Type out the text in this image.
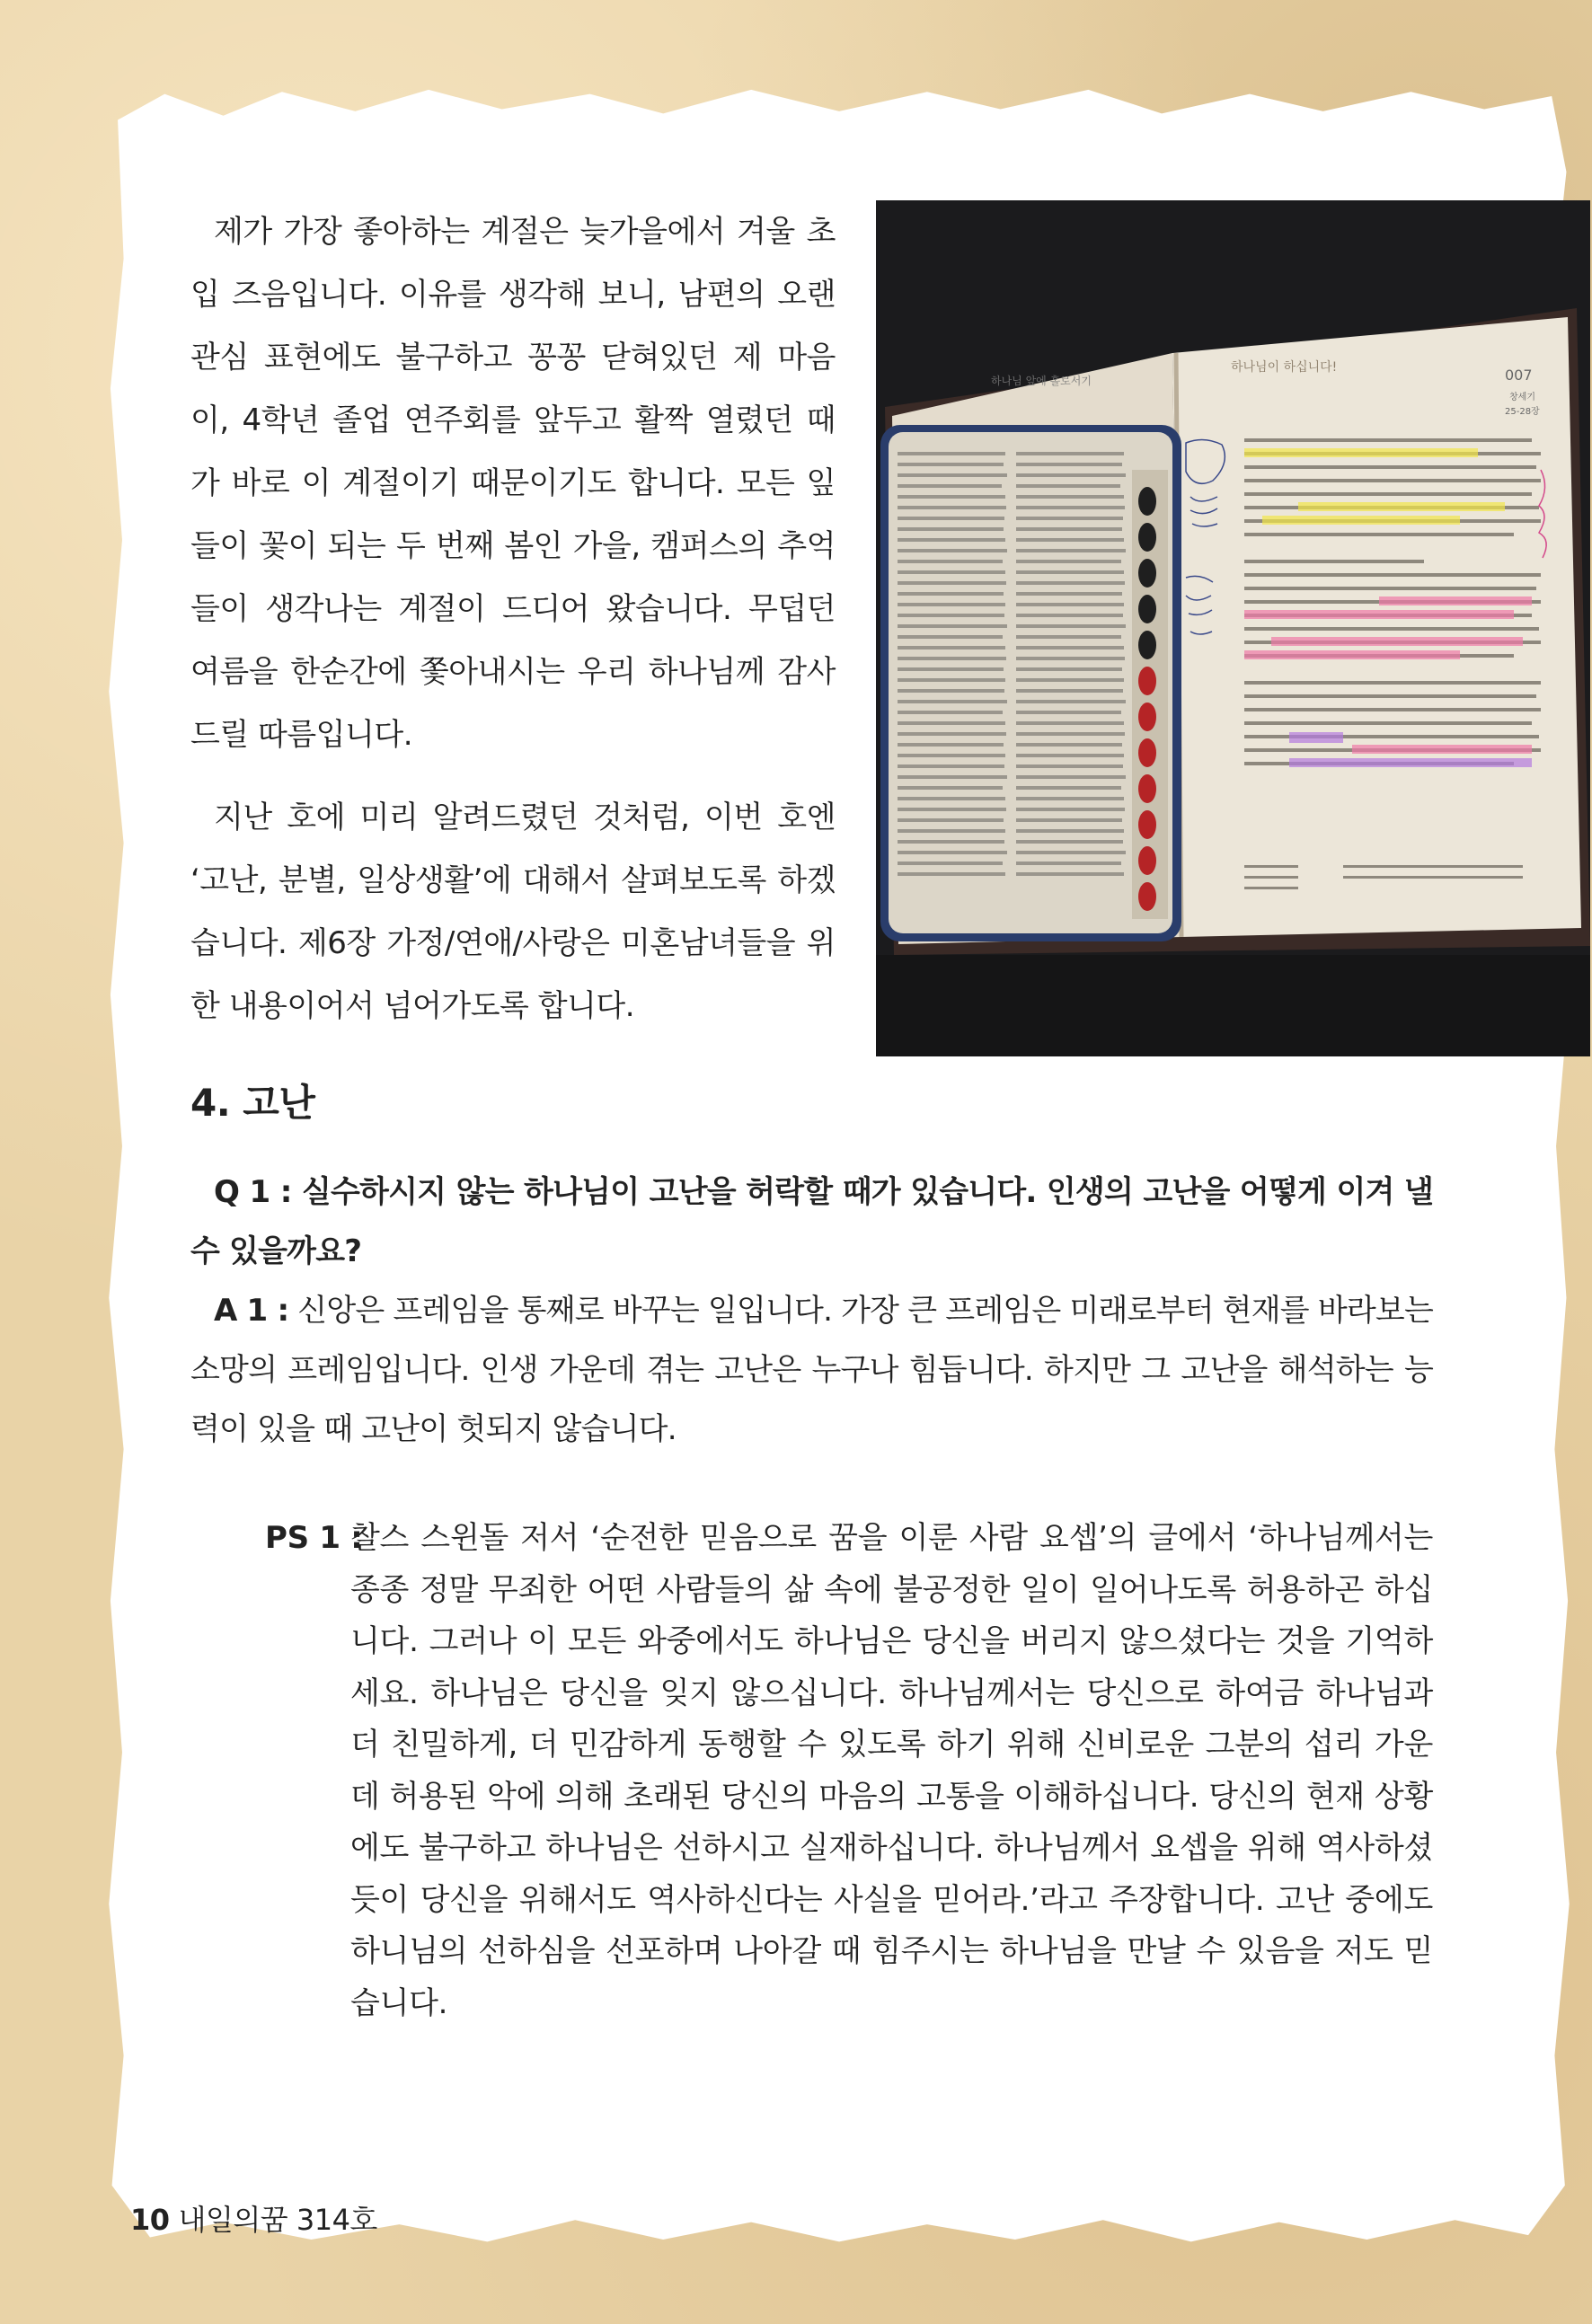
제가 가장 좋아하는 계절은 늦가을에서 겨울 초입 즈음입니다. 이유를 생각해 보니, 남편의 오랜 관심 표현에도 불구하고 꽁꽁 닫혀있던 제 마음이, 4학년 졸업 연주회를 앞두고 활짝 열렸던 때가 바로 이 계절이기 때문이기도 합니다. 모든 잎들이 꽃이 되는 두 번째 봄인 가을, 캠퍼스의 추억들이 생각나는 계절이 드디어 왔습니다. 무덥던 여름을 한순간에 쫓아내시는 우리 하나님께 감사드릴 따름입니다.

지난 호에 미리 알려드렸던 것처럼, 이번 호엔 ‘고난, 분별, 일상생활’에 대해서 살펴보도록 하겠습니다. 제6장 가정/연애/사랑은 미혼남녀들을 위한 내용이어서 넘어가도록 합니다.

하나님 앞에 홀로서기
하나님이 하십니다!	007
창세기
25-28장
4. 고난

Q 1 : 실수하시지 않는 하나님이 고난을 허락할 때가 있습니다. 인생의 고난을 어떻게 이겨 낼 수 있을까요?

A 1 : 신앙은 프레임을 통째로 바꾸는 일입니다. 가장 큰 프레임은 미래로부터 현재를 바라보는 소망의 프레임입니다. 인생 가운데 겪는 고난은 누구나 힘듭니다. 하지만 그 고난을 해석하는 능력이 있을 때 고난이 헛되지 않습니다.

PS 1 :

찰스 스윈돌 저서 ‘순전한 믿음으로 꿈을 이룬 사람 요셉’의 글에서 ‘하나님께서는 종종 정말 무죄한 어떤 사람들의 삶 속에 불공정한 일이 일어나도록 허용하곤 하십니다. 그러나 이 모든 와중에서도 하나님은 당신을 버리지 않으셨다는 것을 기억하세요. 하나님은 당신을 잊지 않으십니다. 하나님께서는 당신으로 하여금 하나님과 더 친밀하게, 더 민감하게 동행할 수 있도록 하기 위해 신비로운 그분의 섭리 가운데 허용된 악에 의해 초래된 당신의 마음의 고통을 이해하십니다. 당신의 현재 상황에도 불구하고 하나님은 선하시고 실재하십니다. 하나님께서 요셉을 위해 역사하셨듯이 당신을 위해서도 역사하신다는 사실을 믿어라.’라고 주장합니다. 고난 중에도 하니님의 선하심을 선포하며 나아갈 때 힘주시는 하나님을 만날 수 있음을 저도 믿습니다.

10 내일의꿈 314호
